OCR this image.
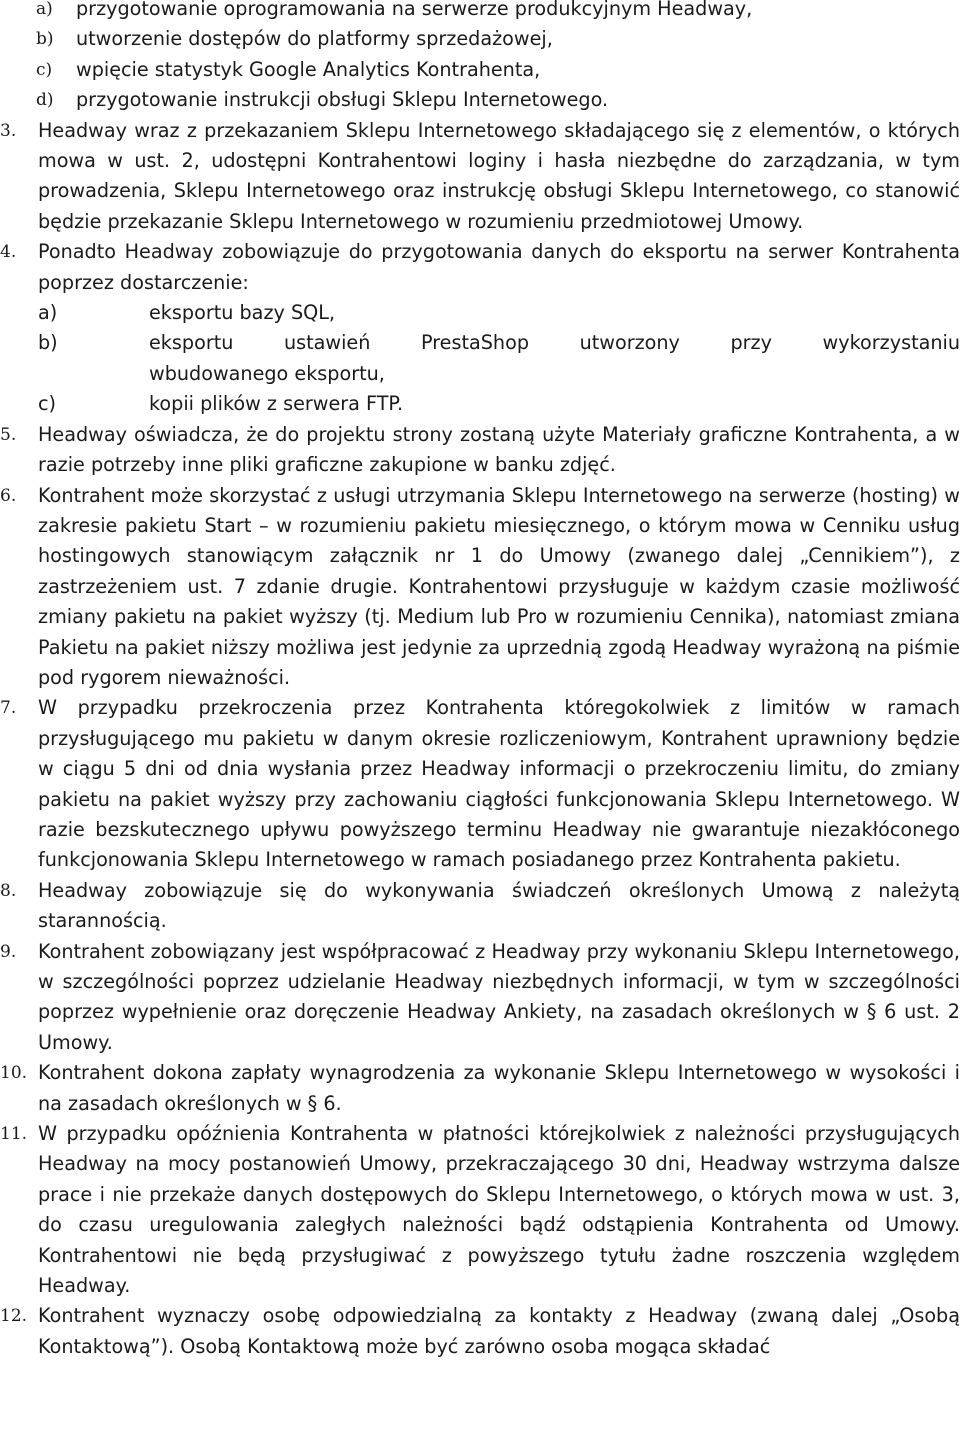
a) przygotowanie oprogramowania na serwerze produkcyjnym Headway,
b) utworzenie dostępów do platformy sprzedażowej,
c) wpięcie statystyk Google Analytics Kontrahenta,
d) przygotowanie instrukcji obsługi Sklepu Internetowego.
3. Headway wraz z przekazaniem Sklepu Internetowego składającego się z elementów, o których mowa w ust. 2, udostępni Kontrahentowi loginy i hasła niezbędne do zarządzania, w tym prowadzenia, Sklepu Internetowego oraz instrukcję obsługi Sklepu Internetowego, co stanowić będzie przekazanie Sklepu Internetowego w rozumieniu przedmiotowej Umowy.
4. Ponadto Headway zobowiązuje do przygotowania danych do eksportu na serwer Kontrahenta poprzez dostarczenie:
a)	eksportu bazy SQL,
b)	eksportu ustawień PrestaShop utworzony przy wykorzystaniu
wbudowanego eksportu,
c)	kopii plików z serwera FTP.
5. Headway oświadcza, że do projektu strony zostaną użyte Materiały graficzne Kontrahenta, a w razie potrzeby inne pliki graficzne zakupione w banku zdjęć.
6. Kontrahent może skorzystać z usługi utrzymania Sklepu Internetowego na serwerze (hosting) w zakresie pakietu Start – w rozumieniu pakietu miesięcznego, o którym mowa w Cenniku usług hostingowych stanowiącym załącznik nr 1 do Umowy (zwanego dalej „Cennikiem”), z zastrzeżeniem ust. 7 zdanie drugie. Kontrahentowi przysługuje w każdym czasie możliwość zmiany pakietu na pakiet wyższy (tj. Medium lub Pro w rozumieniu Cennika), natomiast zmiana Pakietu na pakiet niższy możliwa jest jedynie za uprzednią zgodą Headway wyrażoną na piśmie pod rygorem nieważności.
7. W przypadku przekroczenia przez Kontrahenta któregokolwiek z limitów w ramach przysługującego mu pakietu w danym okresie rozliczeniowym, Kontrahent uprawniony będzie w ciągu 5 dni od dnia wysłania przez Headway informacji o przekroczeniu limitu, do zmiany pakietu na pakiet wyższy przy zachowaniu ciągłości funkcjonowania Sklepu Internetowego. W razie bezskutecznego upływu powyższego terminu Headway nie gwarantuje niezakłóconego funkcjonowania Sklepu Internetowego w ramach posiadanego przez Kontrahenta pakietu.
8. Headway zobowiązuje się do wykonywania świadczeń określonych Umową z należytą starannością.
9. Kontrahent zobowiązany jest współpracować z Headway przy wykonaniu Sklepu Internetowego, w szczególności poprzez udzielanie Headway niezbędnych informacji, w tym w szczególności poprzez wypełnienie oraz doręczenie Headway Ankiety, na zasadach określonych w § 6 ust. 2 Umowy.
10. Kontrahent dokona zapłaty wynagrodzenia za wykonanie Sklepu Internetowego w wysokości i na zasadach określonych w § 6.
11. W przypadku opóźnienia Kontrahenta w płatności którejkolwiek z należności przysługujących Headway na mocy postanowień Umowy, przekraczającego 30 dni, Headway wstrzyma dalsze prace i nie przekaże danych dostępowych do Sklepu Internetowego, o których mowa w ust. 3, do czasu uregulowania zaległych należności bądź odstąpienia Kontrahenta od Umowy. Kontrahentowi nie będą przysługiwać z powyższego tytułu żadne roszczenia względem Headway.
12. Kontrahent wyznaczy osobę odpowiedzialną za kontakty z Headway (zwaną dalej „Osobą Kontaktową”). Osobą Kontaktową może być zarówno osoba mogąca składać
